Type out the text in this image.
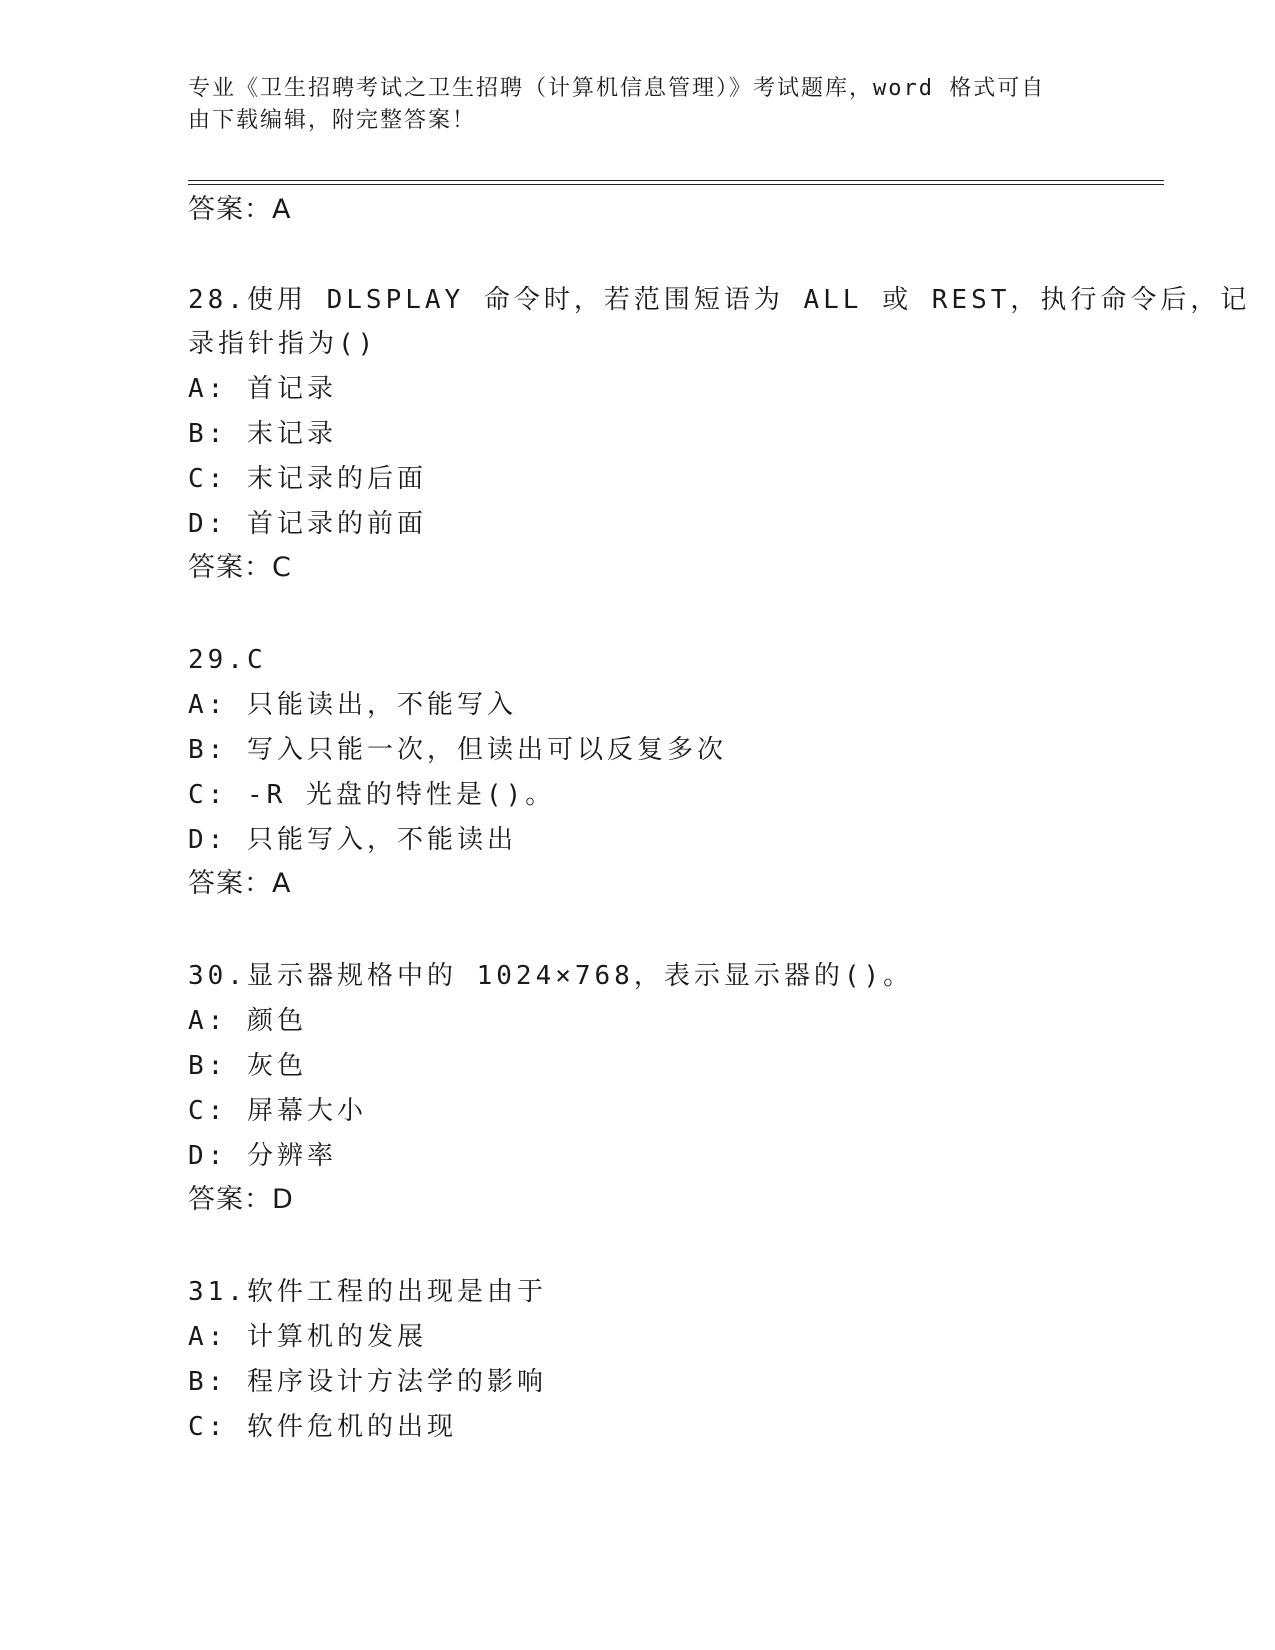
专业《卫生招聘考试之卫生招聘（计算机信息管理）》考试题库，word 格式可自
由下载编辑，附完整答案！
答案：A
28.使用 DLSPLAY 命令时，若范围短语为 ALL 或 REST，执行命令后，记
录指针指为()
A: 首记录
B: 末记录
C: 末记录的后面
D: 首记录的前面
答案：C
29.C
A: 只能读出，不能写入
B: 写入只能一次，但读出可以反复多次
C: -R 光盘的特性是()。
D: 只能写入，不能读出
答案：A
30.显示器规格中的 1024×768，表示显示器的()。
A: 颜色
B: 灰色
C: 屏幕大小
D: 分辨率
答案：D
31.软件工程的出现是由于
A: 计算机的发展
B: 程序设计方法学的影响
C: 软件危机的出现
